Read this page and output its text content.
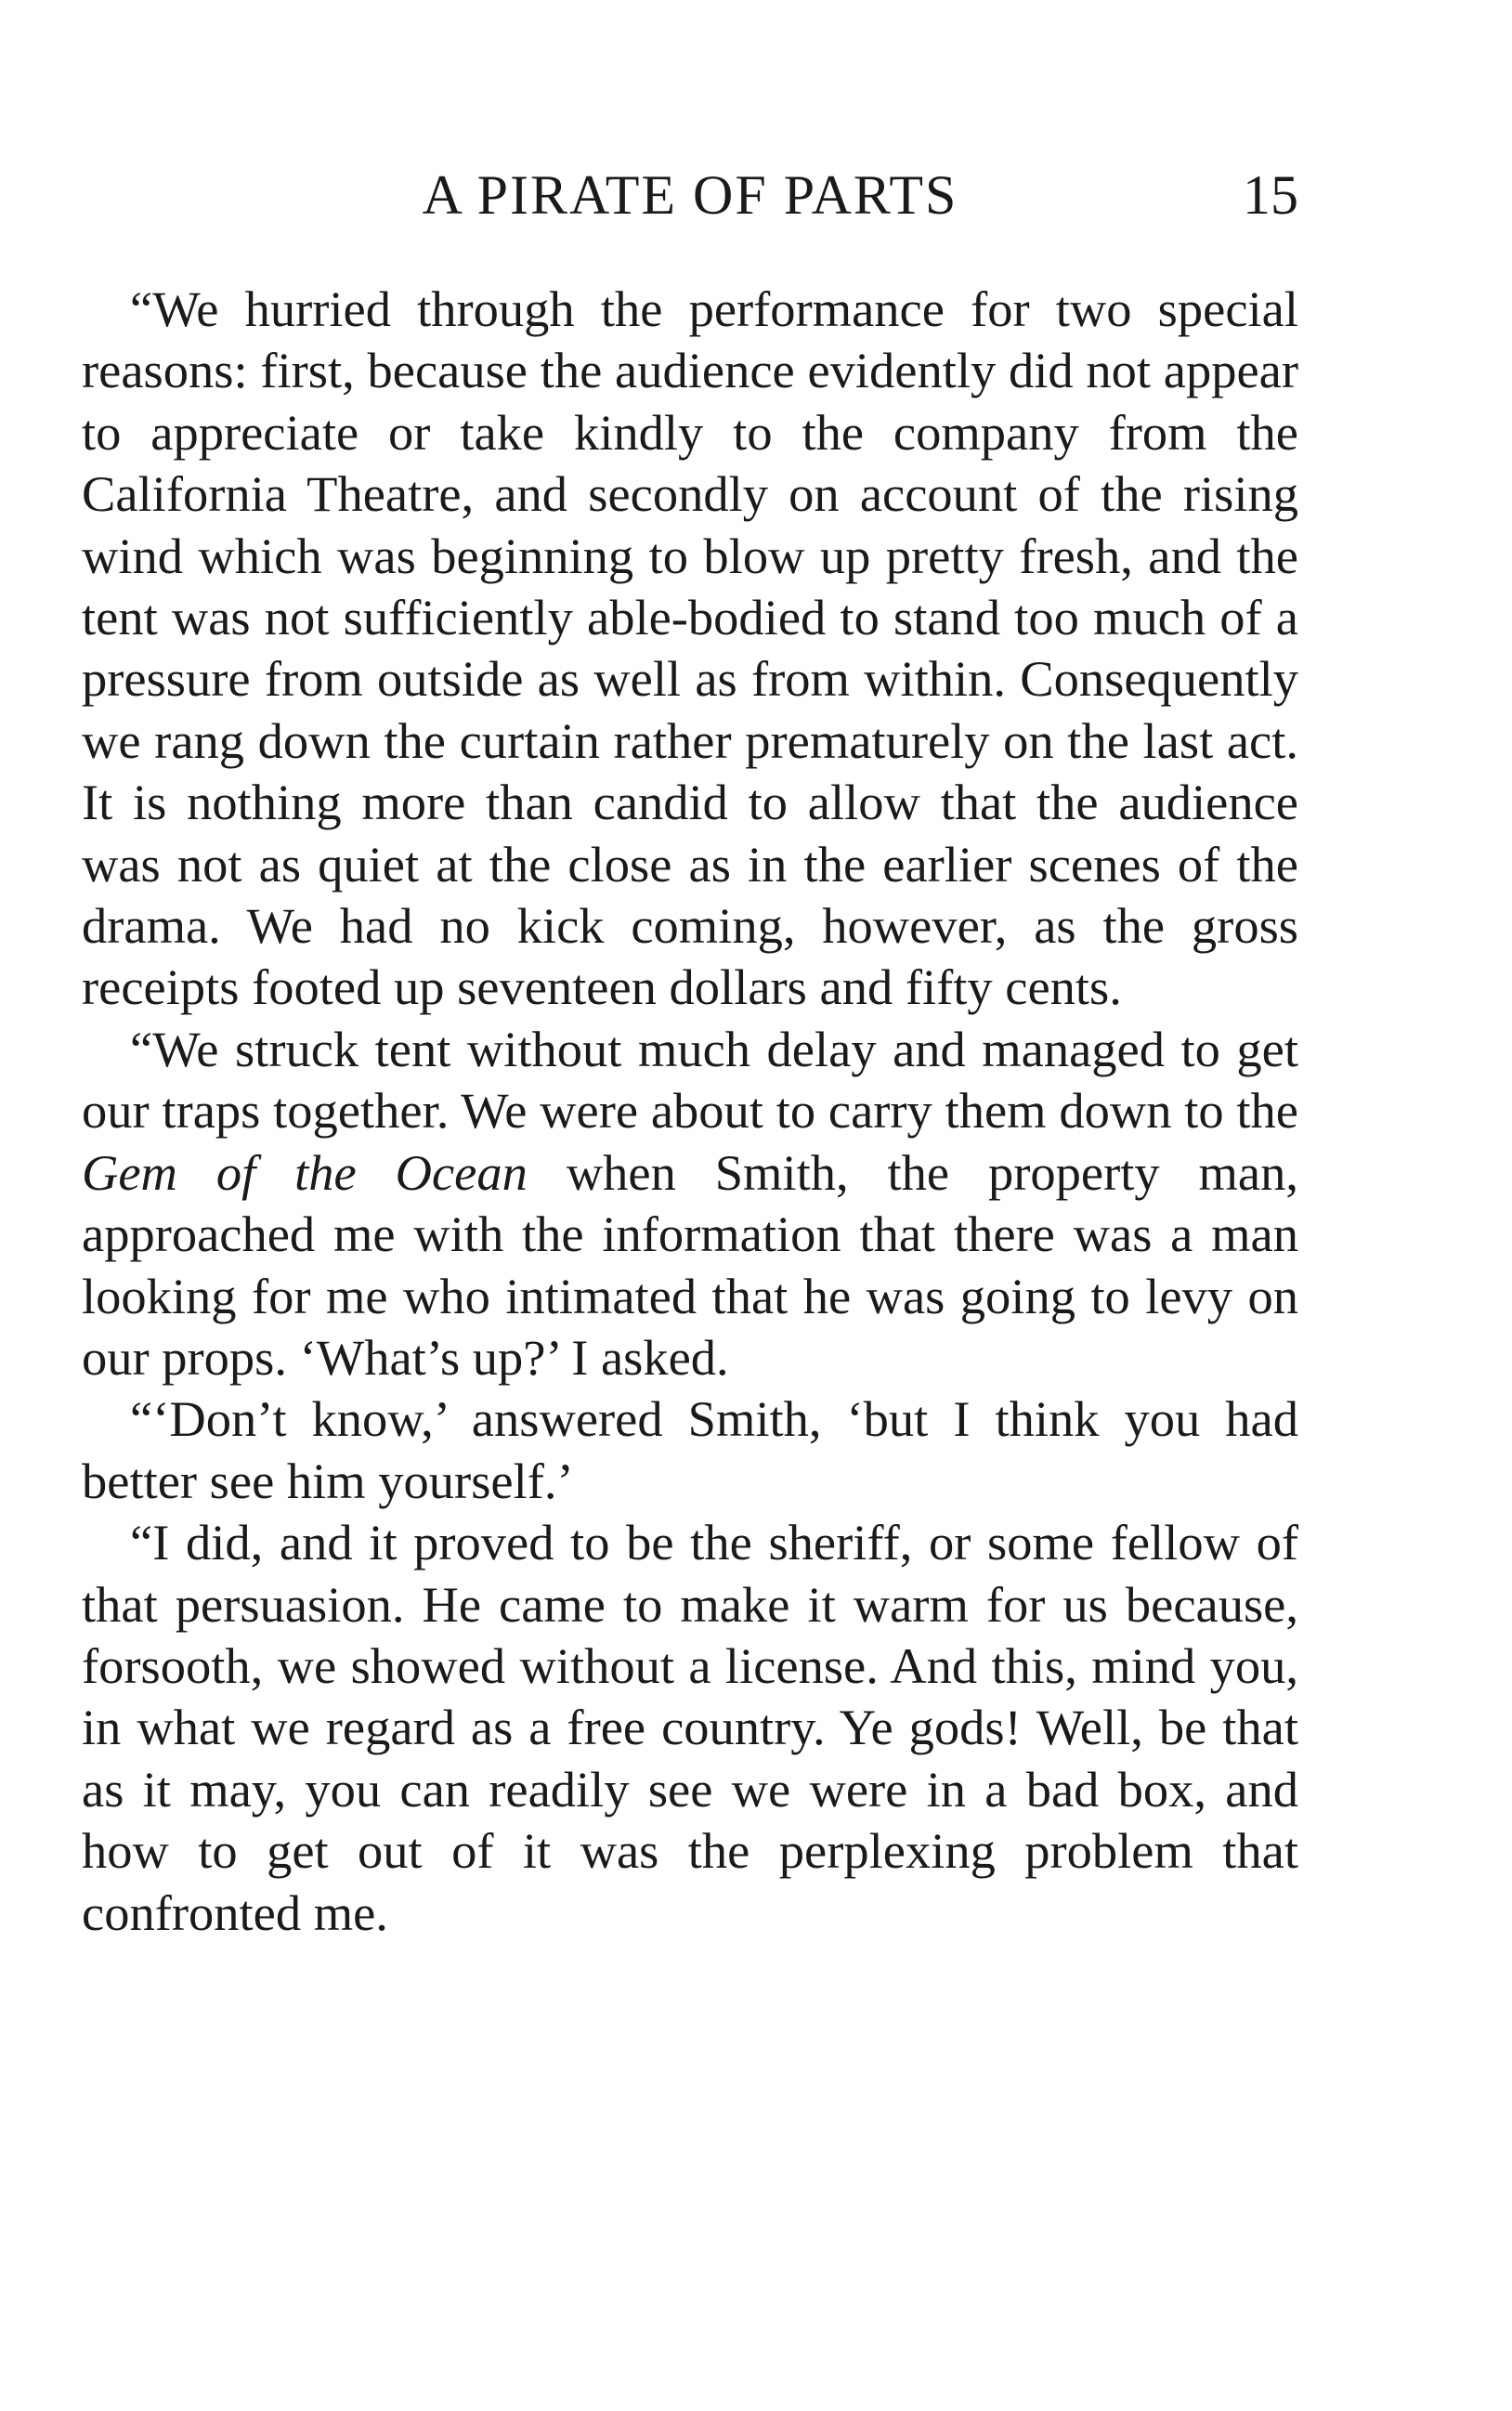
A PIRATE OF PARTS	15

“We hurried through the performance for two special reasons: first, because the audience evidently did not appear to appreciate or take kindly to the company from the California Theatre, and secondly on account of the rising wind which was beginning to blow up pretty fresh, and the tent was not sufficiently able-bodied to stand too much of a pressure from outside as well as from within. Consequently we rang down the curtain rather prematurely on the last act. It is nothing more than candid to allow that the audience was not as quiet at the close as in the earlier scenes of the drama. We had no kick coming, however, as the gross receipts footed up seventeen dollars and fifty cents.

“We struck tent without much delay and managed to get our traps together. We were about to carry them down to the Gem of the Ocean when Smith, the property man, approached me with the information that there was a man looking for me who intimated that he was going to levy on our props. ‘What’s up?’ I asked.

“‘Don’t know,’ answered Smith, ‘but I think you had better see him yourself.’

“I did, and it proved to be the sheriff, or some fellow of that persuasion. He came to make it warm for us because, forsooth, we showed without a license. And this, mind you, in what we regard as a free country. Ye gods! Well, be that as it may, you can readily see we were in a bad box, and how to get out of it was the perplexing problem that confronted me.
